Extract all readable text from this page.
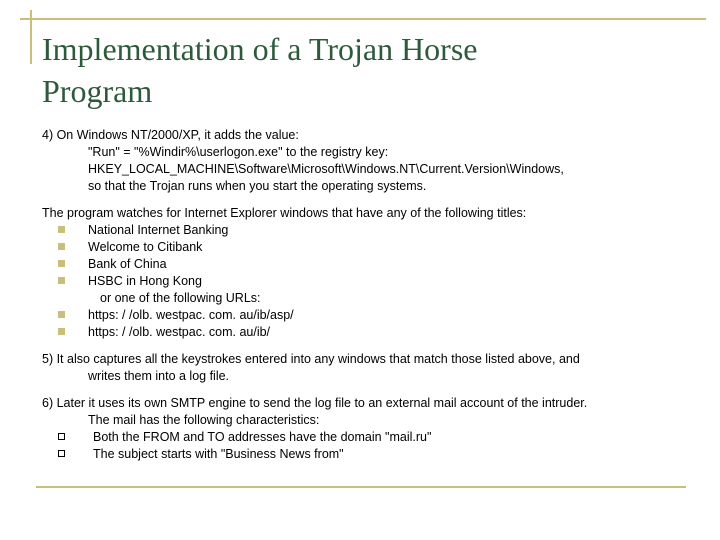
Implementation of a Trojan Horse
Program
4) On Windows NT/2000/XP, it adds the value:
"Run" = "%Windir%\userlogon.exe" to the registry key:
HKEY_LOCAL_MACHINE\Software\Microsoft\Windows.NT\Current.Version\Windows,
so that the Trojan runs when you start the operating systems.
The program watches for Internet Explorer windows that have any of the following titles:
National Internet Banking
Welcome to Citibank
Bank of China
HSBC in Hong Kong
or one of the following URLs:
https: / /olb. westpac. com. au/ib/asp/
https: / /olb. westpac. com. au/ib/
5) It also captures all the keystrokes entered into any windows that match those listed above, and
writes them into a log file.
6) Later it uses its own SMTP engine to send the log file to an external mail account of the intruder.
The mail has the following characteristics:
Both the FROM and TO addresses have the domain "mail.ru"
The subject starts with "Business News from"
